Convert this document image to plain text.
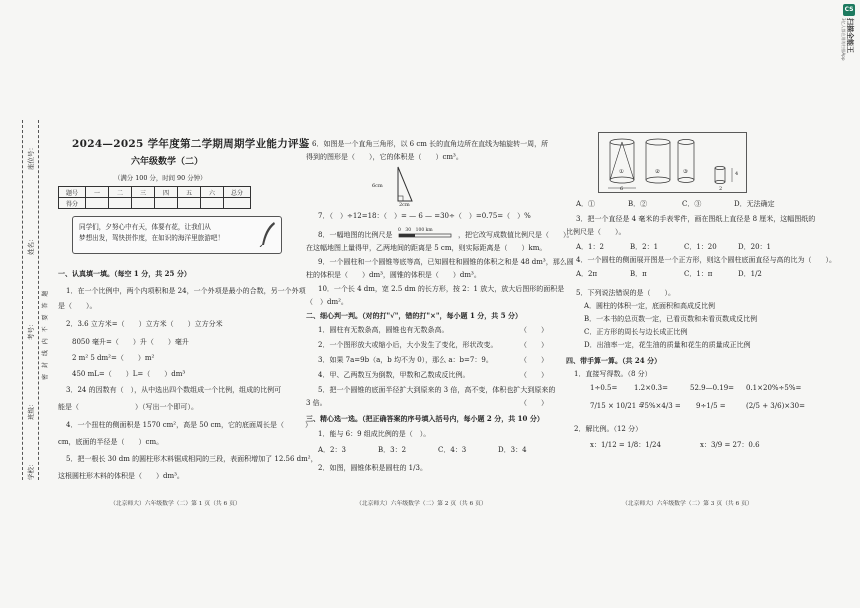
学校：
班级：
考号：
姓名：
座位号：
密 封 线 内 不 要 答 题
2024—2025 学年度第二学期周期学业能力评鉴
六年级数学（二）
（满分 100 分，时间 90 分钟）
题号	一	二	三	四	五	六	总分
得分							
同学们，夕努心中有天，体要有花，让我们从
梦想出发，驾快拼作度，在如识的海洋里旅游吧！
一、认真填一填。（每空 1 分，共 25 分）
1．在一个比例中，两个内项积和是 24，一个外项是最小的合数，另一个外项
是（　　）。
2．3.6 立方米=（　　）立方米（　　）立方分米
8050 毫升=（　　）升（　　）毫升
2 m² 5 dm²=（　　）m²
450 mL=（　　）L=（　　）dm³
3．24 的因数有（　），从中选出四个数组成一个比例，组成的比例可
能是（　　　　　　　　）（写出一个即可）。
4．一个扭柱的侧面积是 1570 cm²，高是 50 cm，它的底面周长是（　　　）
cm，底面的半径是（　　）cm。
5．把一根长 30 dm 的圆柱形木料锯成相同的三段，表面积增加了 12.56 dm²，
这根圆柱形木料的体积是（　　）dm³。
（北京师大）六年级数学（二）第 1 页（共 6 页）
6．如图是一个直角三角形，以 6 cm 长的直角边所在直线为轴旋转一周，所
得到的图形是（　　），它的体积是（　　）cm³。
6cm
2cm
7．（　）÷12=18：（　）= — 6 — =30÷（　）=0.75=（　）%
8．一幅地图的比例尺是
0　30　100 km
，把它改写成数值比例尺是（　　）。
在这幅地图上量得甲，乙两地间的距离是 5 cm，则实际距离是（　　）km。
9．一个圆柱和一个圆锥等底等高，已知圆柱和圆锥的体积之和是 48 dm³，那么圆
柱的体积是（　　）dm³，圆锥的体积是（　　）dm³。
10．一个长 4 dm，宽 2.5 dm 的长方形，按 2：1 放大，放大后图形的面积是
（　）dm²。
二、细心判一判。（对的打"√"，错的打"×"，每小题 1 分，共 5 分）
1．圆柱有无数条高，圆锥也有无数条高。
2．一个图形放大或缩小后，大小发生了变化，形状改变。
3．如果 7a=9b（a，b 均不为 0），那么 a：b=7：9。
4．甲、乙两数互为倒数，甲数和乙数成反比例。
5．把一个圆锥的底面半径扩大到原来的 3 倍，高不变，体积也扩大到原来的
3 倍。
（　　）
（　　）
（　　）
（　　）
（　　）
三、精心选一选。（把正确答案的序号填入括号内，每小题 2 分，共 10 分）
1．能与 6：9 组成比例的是（　）。
A．2：3	B．3：2	C．4：3	D．3：4
2．如图，圆锥体积是圆柱的 1/3。
（北京师大）六年级数学（二）第 2 页（共 6 页）
①	②	③
6
4
2
A．①	B．②	C．③	D．无法确定
3．把一个直径是 4 毫米的手表零件，画在图纸上直径是 8 厘米，这幅图纸的
比例尺是（　　）。
A．1：2	B．2：1	C．1：20	D．20：1
4．一个圆柱的侧面展开图是一个正方形，则这个圆柱底面直径与高的比为（　　）。
A．2π	B．π	C．1：π	D．1/2
5．下列说法错误的是（　　）。
A．圆柱的体积一定，底面积和高成反比例
B．一本书的总页数一定，已看页数和未看页数成反比例
C．正方形的周长与边长成正比例
D．出油率一定，花生油的质量和花生的质量成正比例
四、带手算一算。（共 24 分）
1．直接写得数。（8 分）
1÷0.5= 1.2×0.3=	52.9—0.19= 0.1×20%÷5%=
7/15 × 10/21 =
75%×4/3 = 9÷1/5 =	(2/5 + 3/6)×30=
2．解比例。（12 分）
x：1/12 = 1/8：1/24	x：3/9 = 27：0.6
（北京师大）六年级数学（二）第 3 页（共 6 页）
CS
扫描全能王
3亿人都在用的扫描App
